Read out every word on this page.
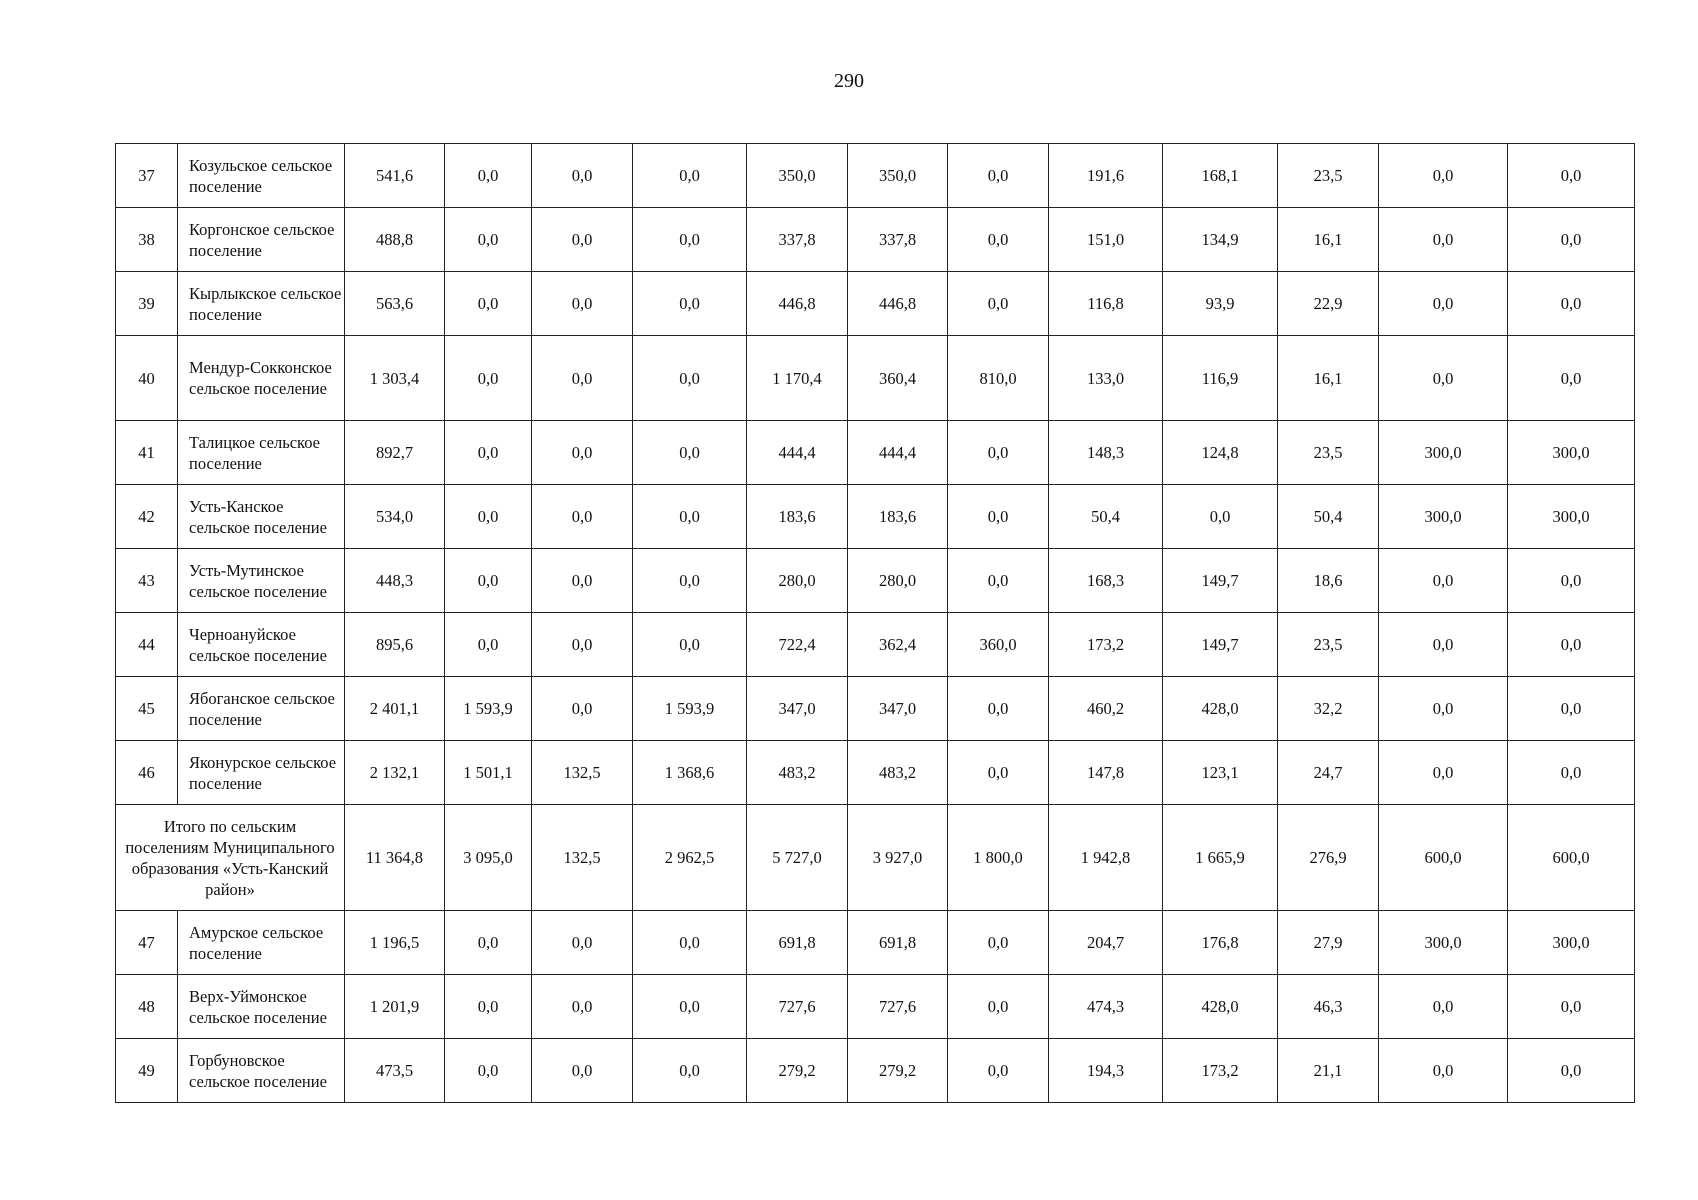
290
37	Козульское сельское поселение	541,6	0,0	0,0	0,0	350,0	350,0	0,0	191,6	168,1	23,5	0,0	0,0
38	Коргонское сельское поселение	488,8	0,0	0,0	0,0	337,8	337,8	0,0	151,0	134,9	16,1	0,0	0,0
39	Кырлыкское сельское поселение	563,6	0,0	0,0	0,0	446,8	446,8	0,0	116,8	93,9	22,9	0,0	0,0
40	Мендур-Сокконское сельское поселение	1 303,4	0,0	0,0	0,0	1 170,4	360,4	810,0	133,0	116,9	16,1	0,0	0,0
41	Талицкое сельское поселение	892,7	0,0	0,0	0,0	444,4	444,4	0,0	148,3	124,8	23,5	300,0	300,0
42	Усть-Канское сельское поселение	534,0	0,0	0,0	0,0	183,6	183,6	0,0	50,4	0,0	50,4	300,0	300,0
43	Усть-Мутинское сельское поселение	448,3	0,0	0,0	0,0	280,0	280,0	0,0	168,3	149,7	18,6	0,0	0,0
44	Черноануйское сельское поселение	895,6	0,0	0,0	0,0	722,4	362,4	360,0	173,2	149,7	23,5	0,0	0,0
45	Ябоганское сельское поселение	2 401,1	1 593,9	0,0	1 593,9	347,0	347,0	0,0	460,2	428,0	32,2	0,0	0,0
46	Яконурское сельское поселение	2 132,1	1 501,1	132,5	1 368,6	483,2	483,2	0,0	147,8	123,1	24,7	0,0	0,0
Итого по сельским поселениям Муниципального образования «Усть-Канский район»		11 364,8	3 095,0	132,5	2 962,5	5 727,0	3 927,0	1 800,0	1 942,8	1 665,9	276,9	600,0	600,0
47	Амурское сельское поселение	1 196,5	0,0	0,0	0,0	691,8	691,8	0,0	204,7	176,8	27,9	300,0	300,0
48	Верх-Уймонское сельское поселение	1 201,9	0,0	0,0	0,0	727,6	727,6	0,0	474,3	428,0	46,3	0,0	0,0
49	Горбуновское сельское поселение	473,5	0,0	0,0	0,0	279,2	279,2	0,0	194,3	173,2	21,1	0,0	0,0
